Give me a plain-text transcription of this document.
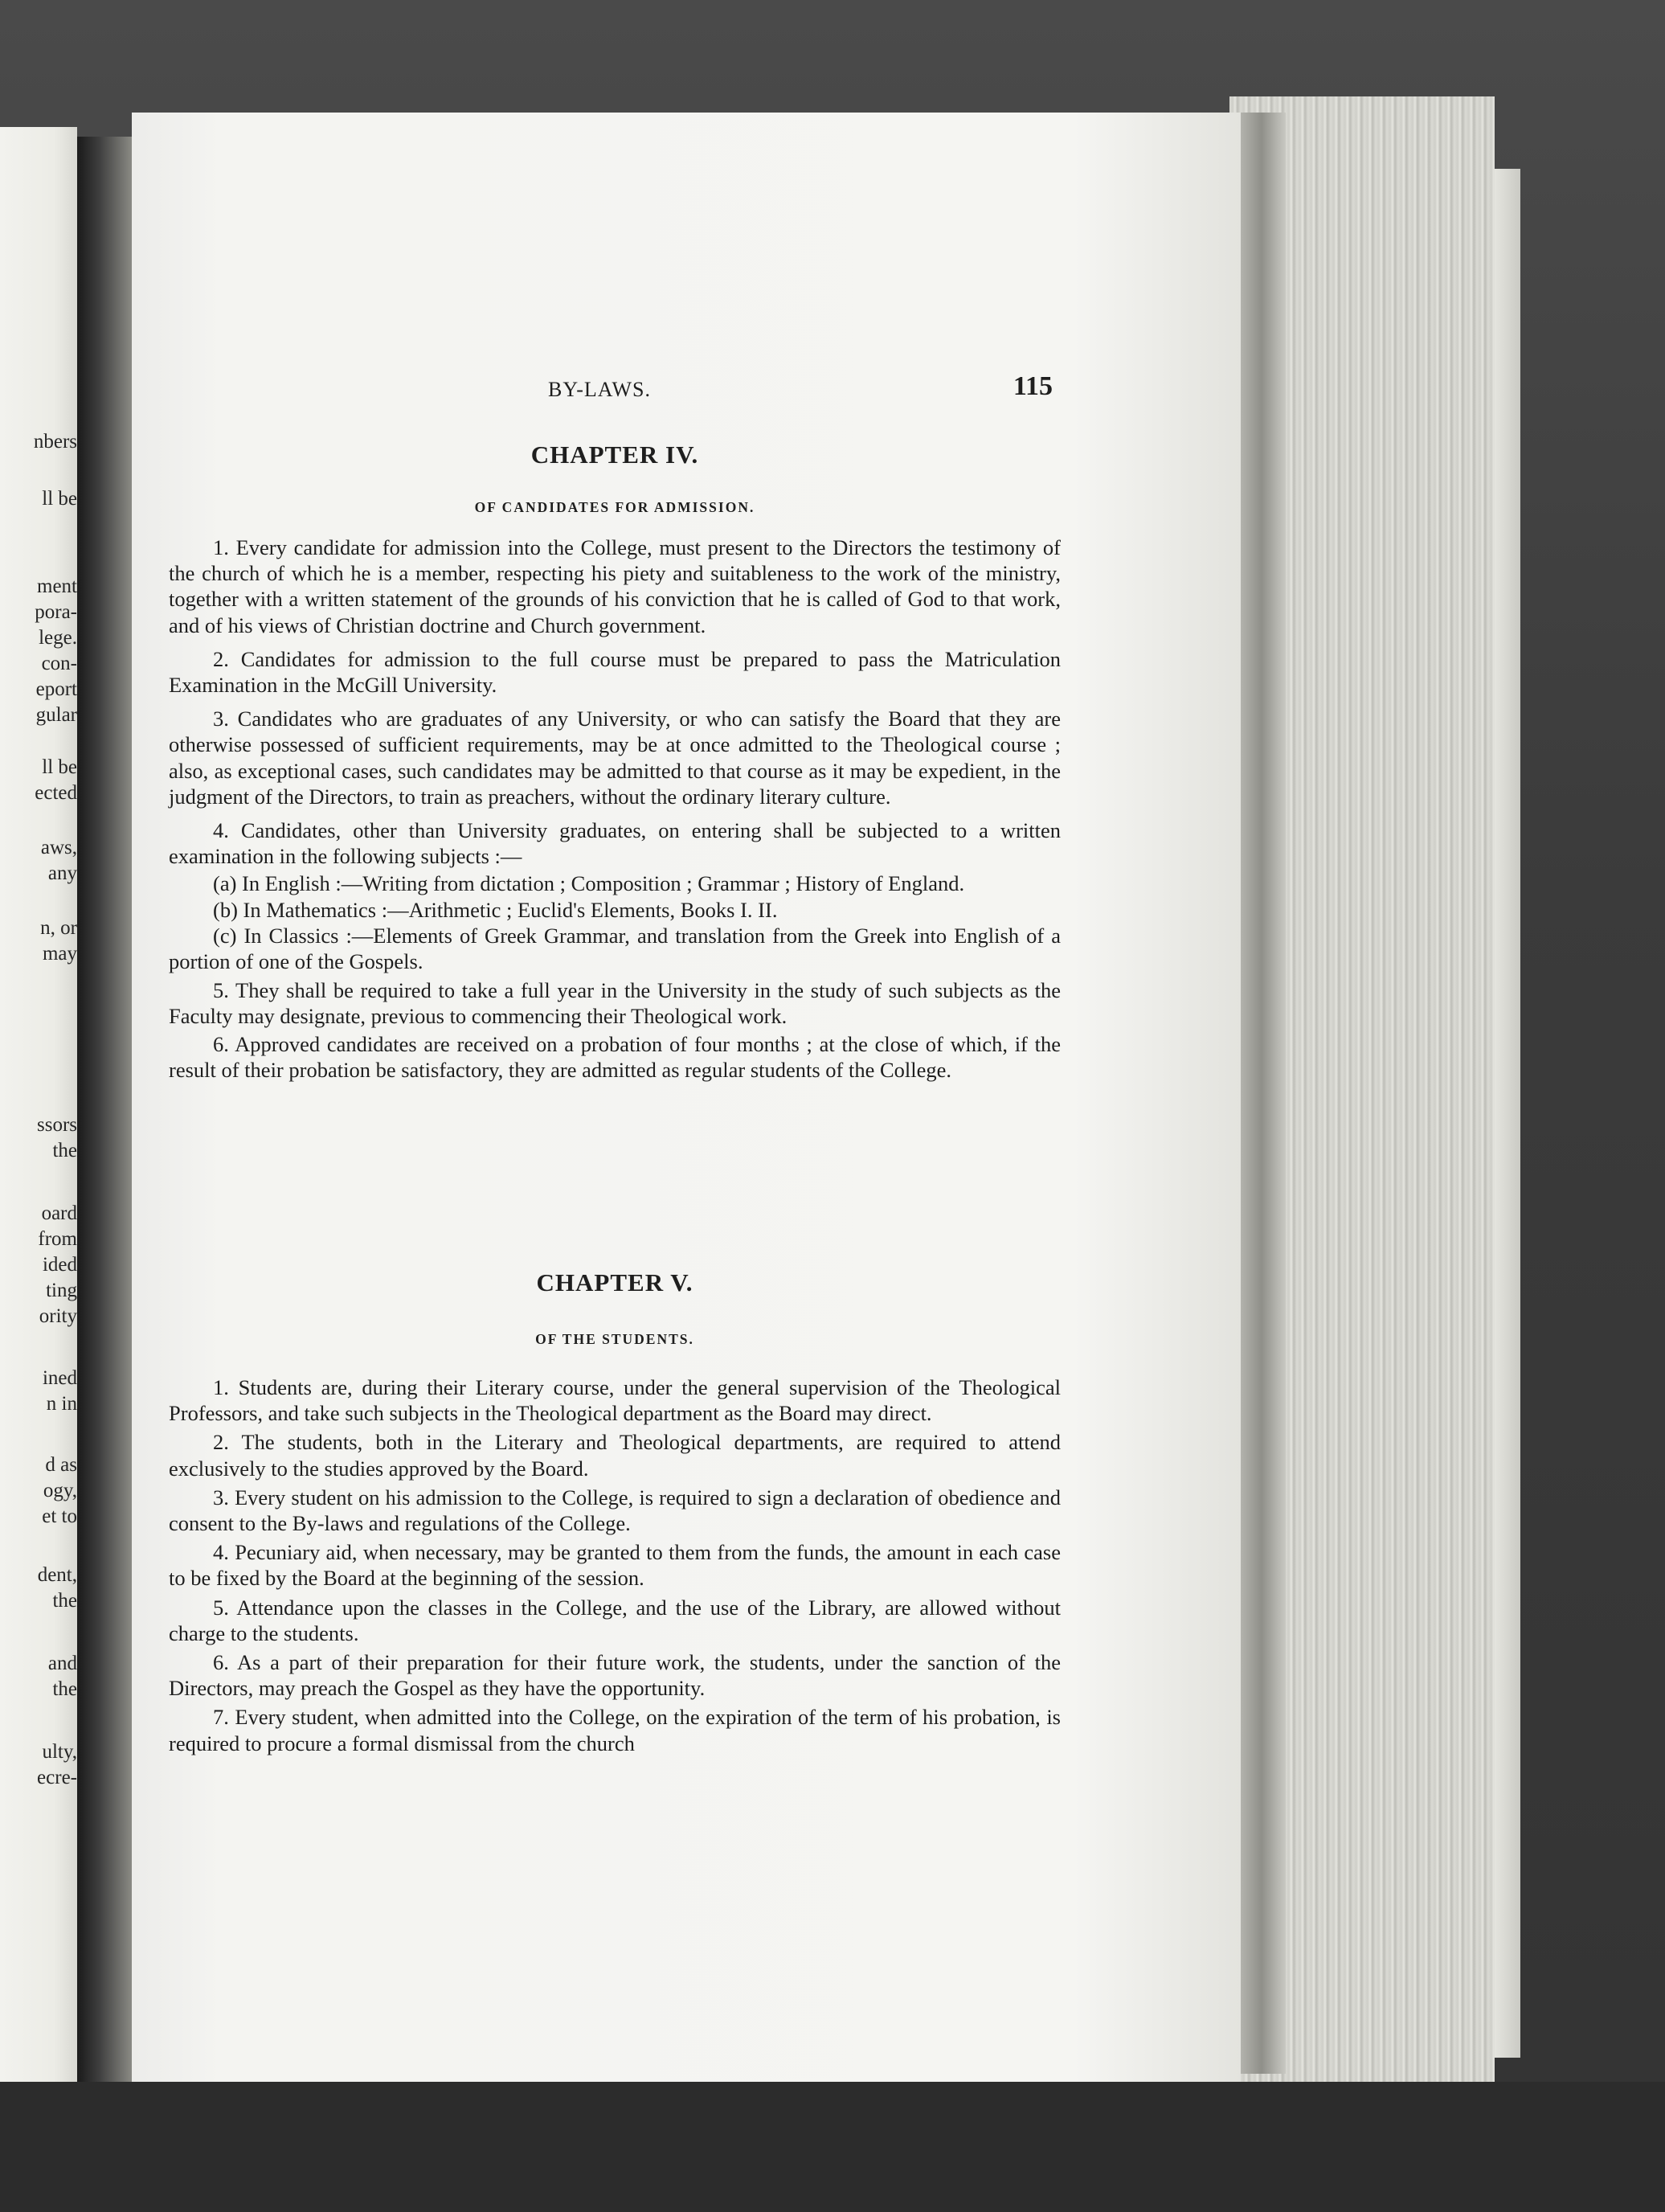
nbers
ll be
ment
pora-
lege.
con-
eport
gular
ll be
ected
aws,
any
n, or
may
ssors
the
oard
from
ided
ting
ority
ined
n in
d as
ogy,
et to
dent,
the
and
the
ulty,
ecre-
BY-LAWS.	115
CHAPTER IV.
OF CANDIDATES FOR ADMISSION.

1. Every candidate for admission into the College, must present to the Directors the testimony of the church of which he is a member, respecting his piety and suitableness to the work of the ministry, together with a written statement of the grounds of his conviction that he is called of God to that work, and of his views of Christian doctrine and Church government.

2. Candidates for admission to the full course must be prepared to pass the Matriculation Examination in the McGill University.

3. Candidates who are graduates of any University, or who can satisfy the Board that they are otherwise possessed of sufficient requirements, may be at once admitted to the Theological course ; also, as exceptional cases, such candidates may be admitted to that course as it may be expedient, in the judgment of the Directors, to train as preachers, without the ordinary literary culture.

4. Candidates, other than University graduates, on entering shall be subjected to a written examination in the following subjects :—

(a) In English :—Writing from dictation ; Composition ; Grammar ; History of England.

(b) In Mathematics :—Arithmetic ; Euclid's Elements, Books I. II.

(c) In Classics :—Elements of Greek Grammar, and translation from the Greek into English of a portion of one of the Gospels.

5. They shall be required to take a full year in the University in the study of such subjects as the Faculty may designate, previous to commencing their Theological work.

6. Approved candidates are received on a probation of four months ; at the close of which, if the result of their probation be satisfactory, they are admitted as regular students of the College.

CHAPTER V.
OF THE STUDENTS.

1. Students are, during their Literary course, under the general supervision of the Theological Professors, and take such subjects in the Theological department as the Board may direct.

2. The students, both in the Literary and Theological departments, are required to attend exclusively to the studies approved by the Board.

3. Every student on his admission to the College, is required to sign a declaration of obedience and consent to the By-laws and regulations of the College.

4. Pecuniary aid, when necessary, may be granted to them from the funds, the amount in each case to be fixed by the Board at the beginning of the session.

5. Attendance upon the classes in the College, and the use of the Library, are allowed without charge to the students.

6. As a part of their preparation for their future work, the students, under the sanction of the Directors, may preach the Gospel as they have the opportunity.

7. Every student, when admitted into the College, on the expiration of the term of his probation, is required to procure a formal dismissal from the church
